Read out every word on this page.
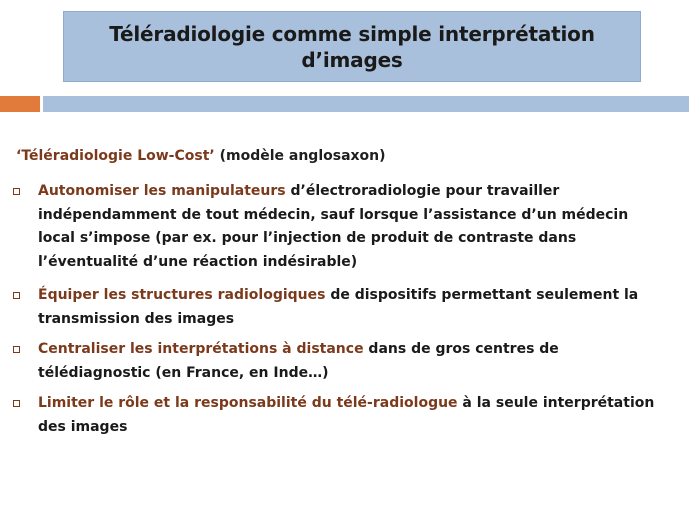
Téléradiologie comme simple interprétation
d’images
‘Téléradiologie Low-Cost’ (modèle anglosaxon)
Autonomiser les manipulateurs d’électroradiologie pour travailler indépendamment de tout médecin, sauf lorsque l’assistance d’un médecin local s’impose (par ex. pour l’injection de produit de contraste dans l’éventualité d’une réaction indésirable)
Équiper les structures radiologiques de dispositifs permettant seulement la transmission des images
Centraliser les interprétations à distance dans de gros centres de télédiagnostic (en France, en Inde…)
Limiter le rôle et la responsabilité du télé-radiologue à la seule interprétation des images
